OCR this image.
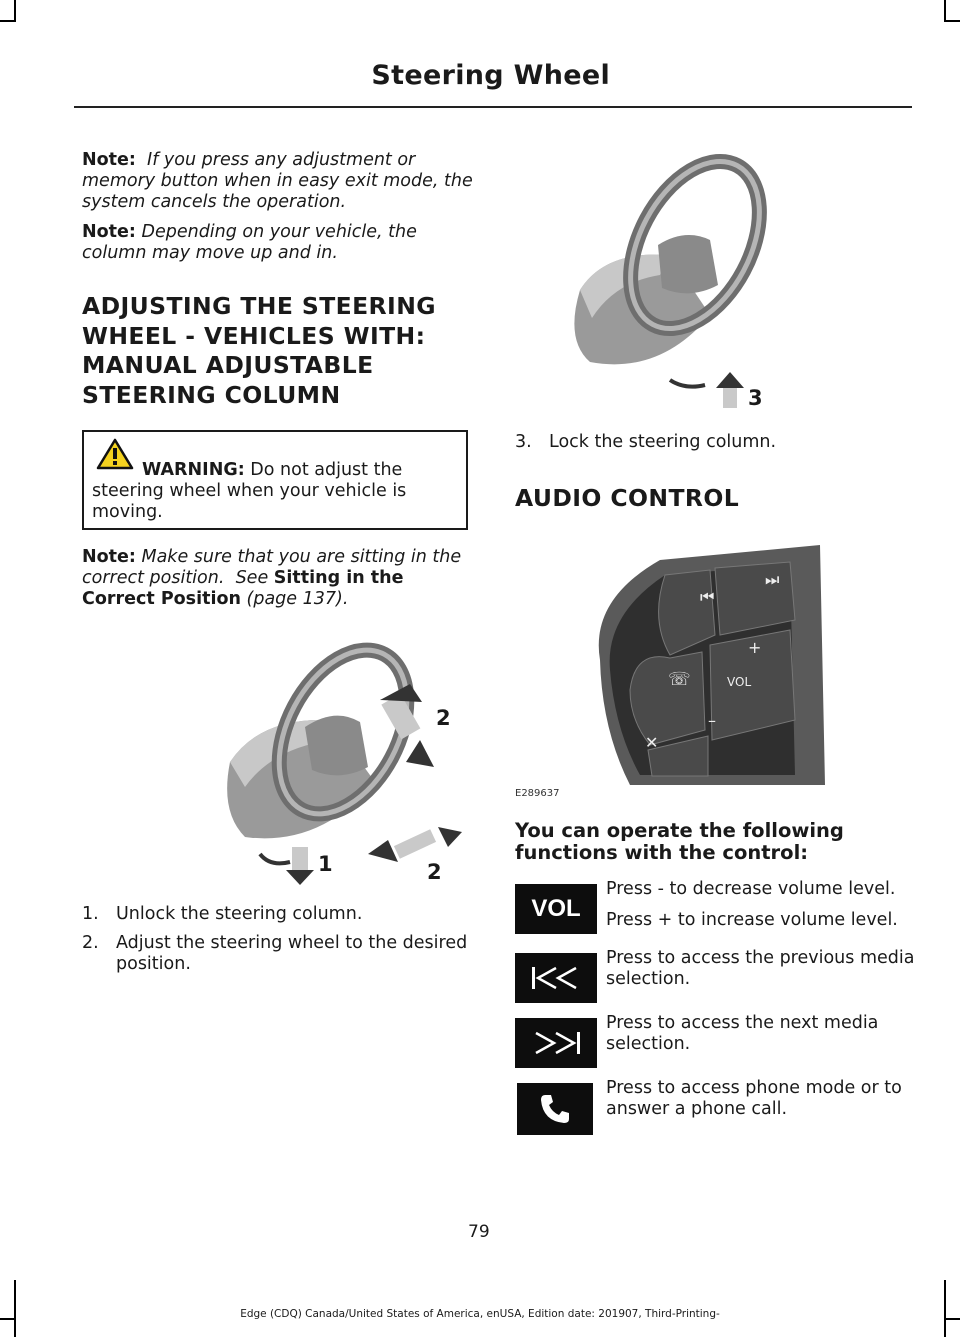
Steering Wheel
Note: If you press any adjustment or memory button when in easy exit mode, the system cancels the operation.
Note: Depending on your vehicle, the column may move up and in.
ADJUSTING THE STEERING
WHEEL - VEHICLES WITH:
MANUAL ADJUSTABLE
STEERING COLUMN
WARNING: Do not adjust the steering wheel when your vehicle is moving.
Note: Make sure that you are sitting in the correct position. See Sitting in the Correct Position (page 137).
2
1	2
1. Unlock the steering column.
2. Adjust the steering wheel to the desired position.
3
3. Lock the steering column.
AUDIO CONTROL
⏮
⏭
☏
✕
+
VOL
–
E289637
You can operate the following functions with the control:
VOL
Press - to decrease volume level.
Press + to increase volume level.
Press to access the previous media selection.
Press to access the next media selection.
Press to access phone mode or to answer a phone call.
79
Edge (CDQ) Canada/United States of America, enUSA, Edition date: 201907, Third-Printing-
